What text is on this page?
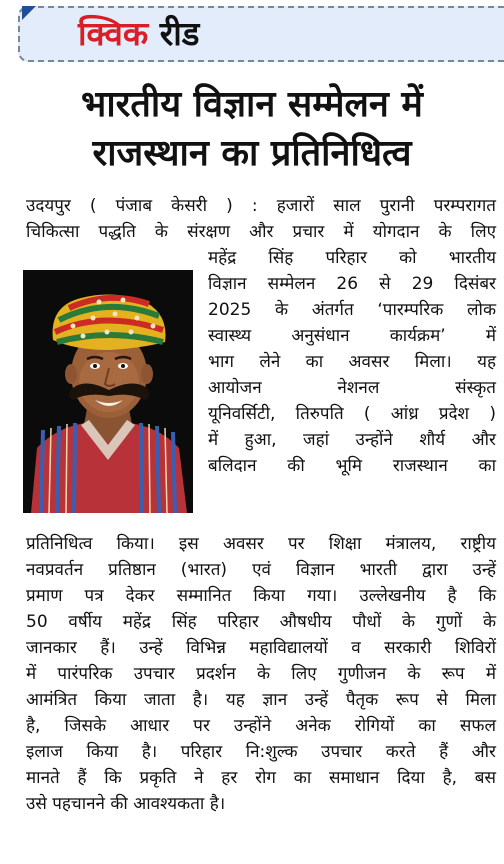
क्विक रीड
भारतीय विज्ञान सम्मेलन में
राजस्थान का प्रतिनिधित्व
उदयपुर ( पंजाब केसरी ) : हजारों साल पुरानी परम्परागत
चिकित्सा पद्धति के संरक्षण और प्रचार में योगदान के लिए
महेंद्र सिंह परिहार को भारतीय
विज्ञान सम्मेलन 26 से 29 दिसंबर
2025 के अंतर्गत ‘पारम्परिक लोक
स्वास्थ्य अनुसंधान कार्यक्रम’ में
भाग लेने का अवसर मिला। यह
आयोजन नेशनल संस्कृत
यूनिवर्सिटी, तिरुपति ( आंध्र प्रदेश )
में हुआ, जहां उन्होंने शौर्य और
बलिदान की भूमि राजस्थान का
प्रतिनिधित्व किया। इस अवसर पर शिक्षा मंत्रालय, राष्ट्रीय
नवप्रवर्तन प्रतिष्ठान (भारत) एवं विज्ञान भारती द्वारा उन्हें
प्रमाण पत्र देकर सम्मानित किया गया। उल्लेखनीय है कि
50 वर्षीय महेंद्र सिंह परिहार औषधीय पौधों के गुणों के
जानकार हैं। उन्हें विभिन्न महाविद्यालयों व सरकारी शिविरों
में पारंपरिक उपचार प्रदर्शन के लिए गुणीजन के रूप में
आमंत्रित किया जाता है। यह ज्ञान उन्हें पैतृक रूप से मिला
है, जिसके आधार पर उन्होंने अनेक रोगियों का सफल
इलाज किया है। परिहार नि:शुल्क उपचार करते हैं और
मानते हैं कि प्रकृति ने हर रोग का समाधान दिया है, बस
उसे पहचानने की आवश्यकता है।
